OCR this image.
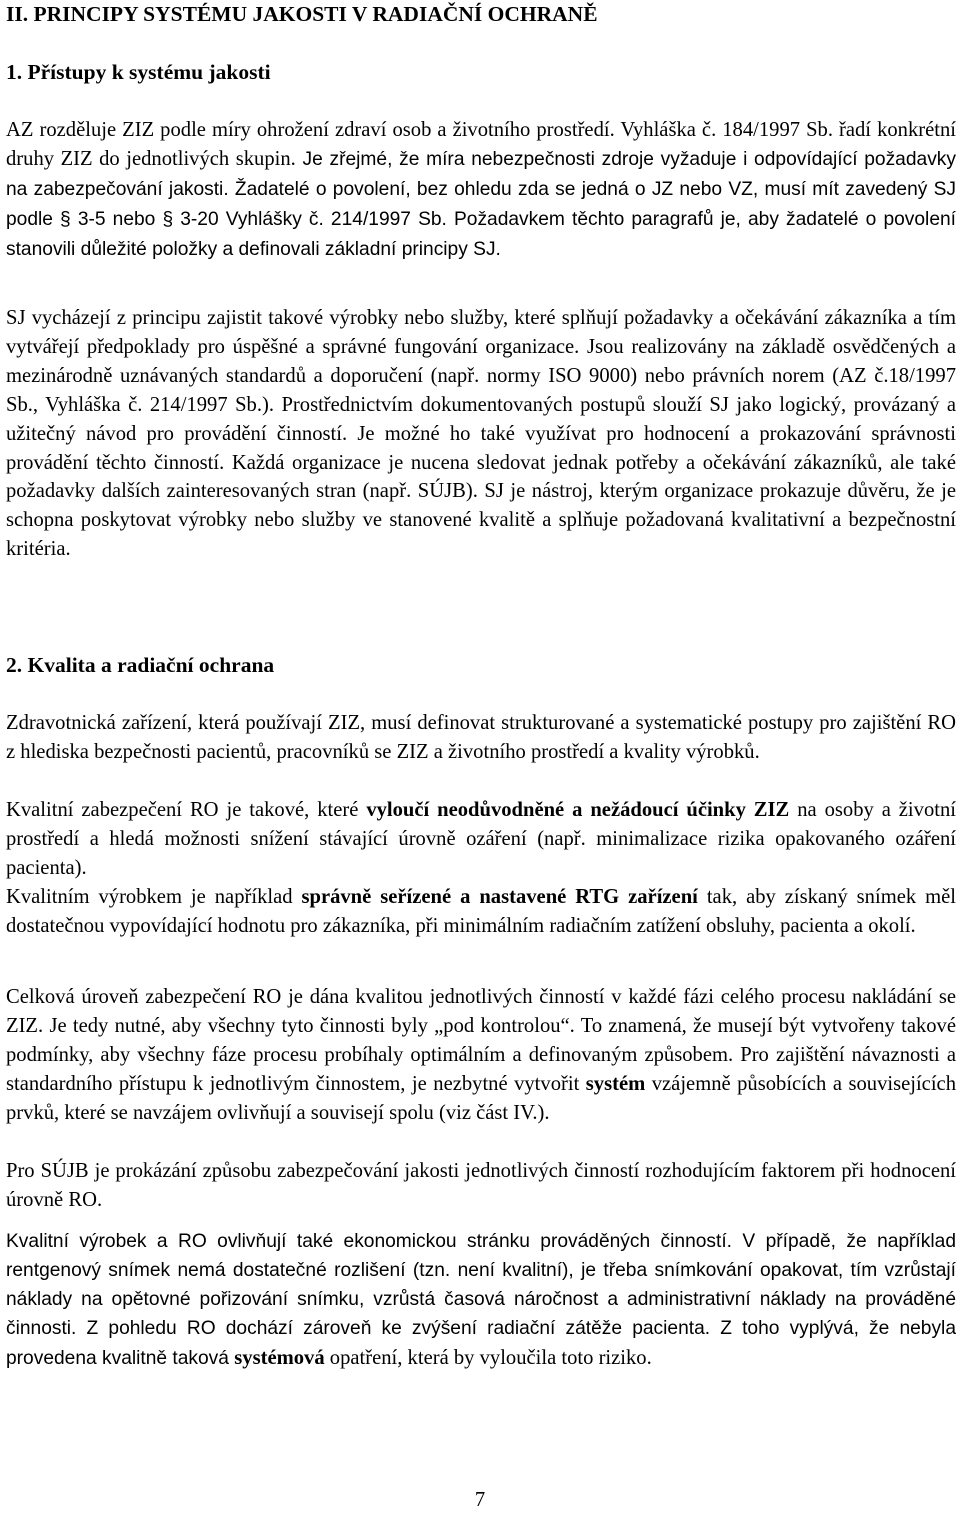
II. PRINCIPY SYSTÉMU JAKOSTI V RADIAČNÍ OCHRANĚ
1. Přístupy k systému jakosti

AZ rozděluje ZIZ podle míry ohrožení zdraví osob a životního prostředí. Vyhláška č. 184/1997 Sb. řadí konkrétní druhy ZIZ do jednotlivých skupin. Je zřejmé, že míra nebezpečnosti zdroje vyžaduje i odpovídající požadavky na zabezpečování jakosti. Žadatelé o povolení, bez ohledu zda se jedná o JZ nebo VZ, musí mít zavedený SJ podle § 3-5 nebo § 3-20 Vyhlášky č. 214/1997 Sb. Požadavkem těchto paragrafů je, aby žadatelé o povolení stanovili důležité položky a definovali základní principy SJ.

SJ vycházejí z principu zajistit takové výrobky nebo služby, které splňují požadavky a očekávání zákazníka a tím vytvářejí předpoklady pro úspěšné a správné fungování organizace. Jsou realizovány na základě osvědčených a mezinárodně uznávaných standardů a doporučení (např. normy ISO 9000) nebo právních norem (AZ č.18/1997 Sb., Vyhláška č. 214/1997 Sb.). Prostřednictvím dokumentovaných postupů slouží SJ jako logický, provázaný a užitečný návod pro provádění činností. Je možné ho také využívat pro hodnocení a prokazování správnosti provádění těchto činností. Každá organizace je nucena sledovat jednak potřeby a očekávání zákazníků, ale také požadavky dalších zainteresovaných stran (např. SÚJB). SJ je nástroj, kterým organizace prokazuje důvěru, že je schopna poskytovat výrobky nebo služby ve stanovené kvalitě a splňuje požadovaná kvalitativní a bezpečnostní kritéria.

2. Kvalita a radiační ochrana

Zdravotnická zařízení, která používají ZIZ, musí definovat strukturované a systematické postupy pro zajištění RO z hlediska bezpečnosti pacientů, pracovníků se ZIZ a životního prostředí a kvality výrobků.

Kvalitní zabezpečení RO je takové, které vyloučí neodůvodněné a nežádoucí účinky ZIZ na osoby a životní prostředí a hledá možnosti snížení stávající úrovně ozáření (např. minimalizace rizika opakovaného ozáření pacienta).

Kvalitním výrobkem je například správně seřízené a nastavené RTG zařízení tak, aby získaný snímek měl dostatečnou vypovídající hodnotu pro zákazníka, při minimálním radiačním zatížení obsluhy, pacienta a okolí.

Celková úroveň zabezpečení RO je dána kvalitou jednotlivých činností v každé fázi celého procesu nakládání se ZIZ. Je tedy nutné, aby všechny tyto činnosti byly „pod kontrolou“. To znamená, že musejí být vytvořeny takové podmínky, aby všechny fáze procesu probíhaly optimálním a definovaným způsobem. Pro zajištění návaznosti a standardního přístupu k jednotlivým činnostem, je nezbytné vytvořit systém vzájemně působících a souvisejících prvků, které se navzájem ovlivňují a souvisejí spolu (viz část IV.).

Pro SÚJB je prokázání způsobu zabezpečování jakosti jednotlivých činností rozhodujícím faktorem při hodnocení úrovně RO.

Kvalitní výrobek a RO ovlivňují také ekonomickou stránku prováděných činností. V případě, že například rentgenový snímek nemá dostatečné rozlišení (tzn. není kvalitní), je třeba snímkování opakovat, tím vzrůstají náklady na opětovné pořizování snímku, vzrůstá časová náročnost a administrativní náklady na prováděné činnosti. Z pohledu RO dochází zároveň ke zvýšení radiační zátěže pacienta. Z toho vyplývá, že nebyla provedena kvalitně taková systémová opatření, která by vyloučila toto riziko.

7
